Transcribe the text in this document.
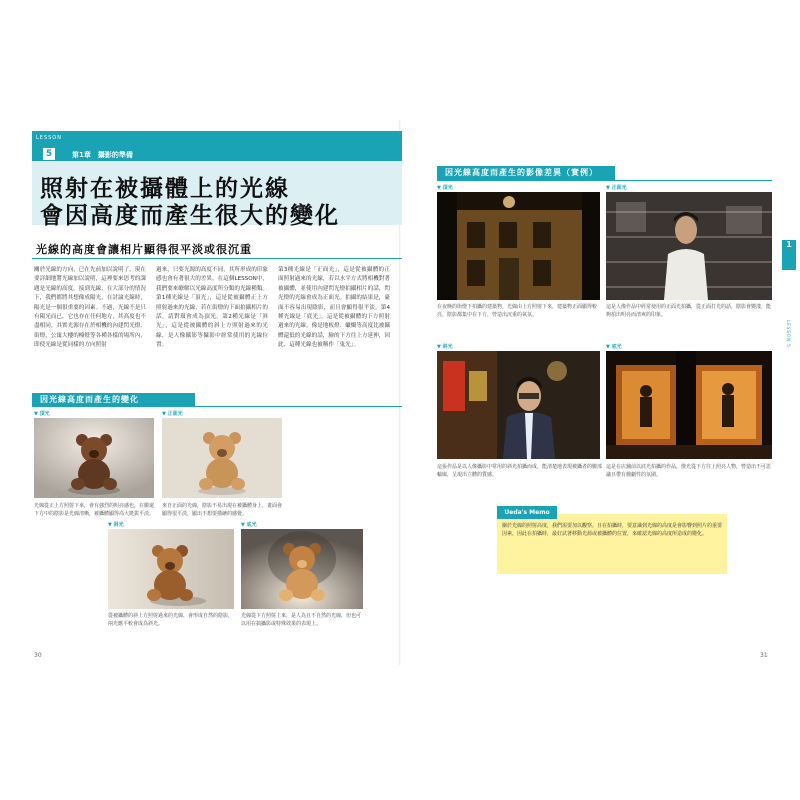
LESSON
5	第1章　攝影的準備
照射在被攝體上的光線
會因高度而產生很大的變化
光線的高度會讓相片顯得很平淡或很沉重
關於光線的方向，已在先前加以說明了，現在要詳細地將光線加以說明，這裡要來思考的課題是光線的高度。接到光線，在大部分的情況下，我們都將其想像成陽光，在討論光線時，陽光是一個很重要的因素。不過，光線不是只有陽光而已，它也存在任何地方，其高度也不盡相同。其實光源存在於相機的內建閃光燈、街燈，公寓大樓的檯燈等各種各樣的場所內，即使光線是從同樣的方向照射
過來，只要光源的高度不同，其所形成的印象感也會有著很大的差異。在這個LESSON中，我們要來瞭解以光線高度所分類的光線種類。第1種光線是「頂光」，這是從被攝體正上方照射過來的光線，若在街燈的下面拍攝相片的話，請對環會成為頂光。第2種光線是「斜光」，這是從被攝體的斜上方照射過來的光線，是人像攝影等攝影中經常使用的光線位置。
第3種光線是「正面光」，這是從被攝體的正面照射過來的光線，若以水平方式將相機對著被攝體，並使用內建閃光燈拍攝相片的話，閃光燈的光線會成為正面光。拍攝的結果是，臺面不容易出現陰影，而且會顯得很平淡。第4種光線是「底光」，這是從被攝體的下方照射過來的光線。像是地板燈、蠟燭等高度比被攝體還低的光線的話，臉的下方往上方延伸，因此，這種光線也被稱作「鬼光」。
因光線高度而產生的變化
▼ 頂光
光線從正上方照射下來，會有強烈的明亮感也，在臉還下方中的陰影是光線清晰，被攝體顯得高大挺拔平淡。
▼ 正面光
來自正面的光線，陰影不易出現在被攝體身上，畫面會顯得很平淡，顯出不想要描繪的感覺。
▼ 斜光
從被攝體的斜上方照射過來的光線，會形成自然的陰影，兩光應平較會成為斜光。
▼ 底光
光線從下方照射上來，是人為且不自然的光線，但也可以用在搞攝影或特殊效果的表現上。
30
因光線高度而產生的影像差異（實例）
1
LESSON 5
▼ 頂光
在夜晚的街燈下拍攝的建築物，光線由上方照射下來，建築物正面顯得較亮，陰影都集中在下方，營造出沉重的氣氛。
▼ 正面光
這是人像作品中經常使用的正面光拍攝，從正面打光的話，陰影會變淺，能夠拍出明亮而清爽的印象。
▼ 斜光
這張作品是以人像攝影中常用的斜光拍攝而成，能清楚地表現被攝者的臉部輪廓，呈現出立體的質感。
▼ 底光
這是在店舖前以底光拍攝的作品，燈光從下方往上照亮人物，營造出不可思議且帶有戲劇性的氛圍。
Ueda's Memo
關於光線的照射高度，我們需要加以觀察。且在拍攝時，要意識到光線的高度是會影響到照片的重要因素，因此在拍攝時，最好試著移動光源或被攝體的位置，來確認光線的高度所造成的變化。
31
